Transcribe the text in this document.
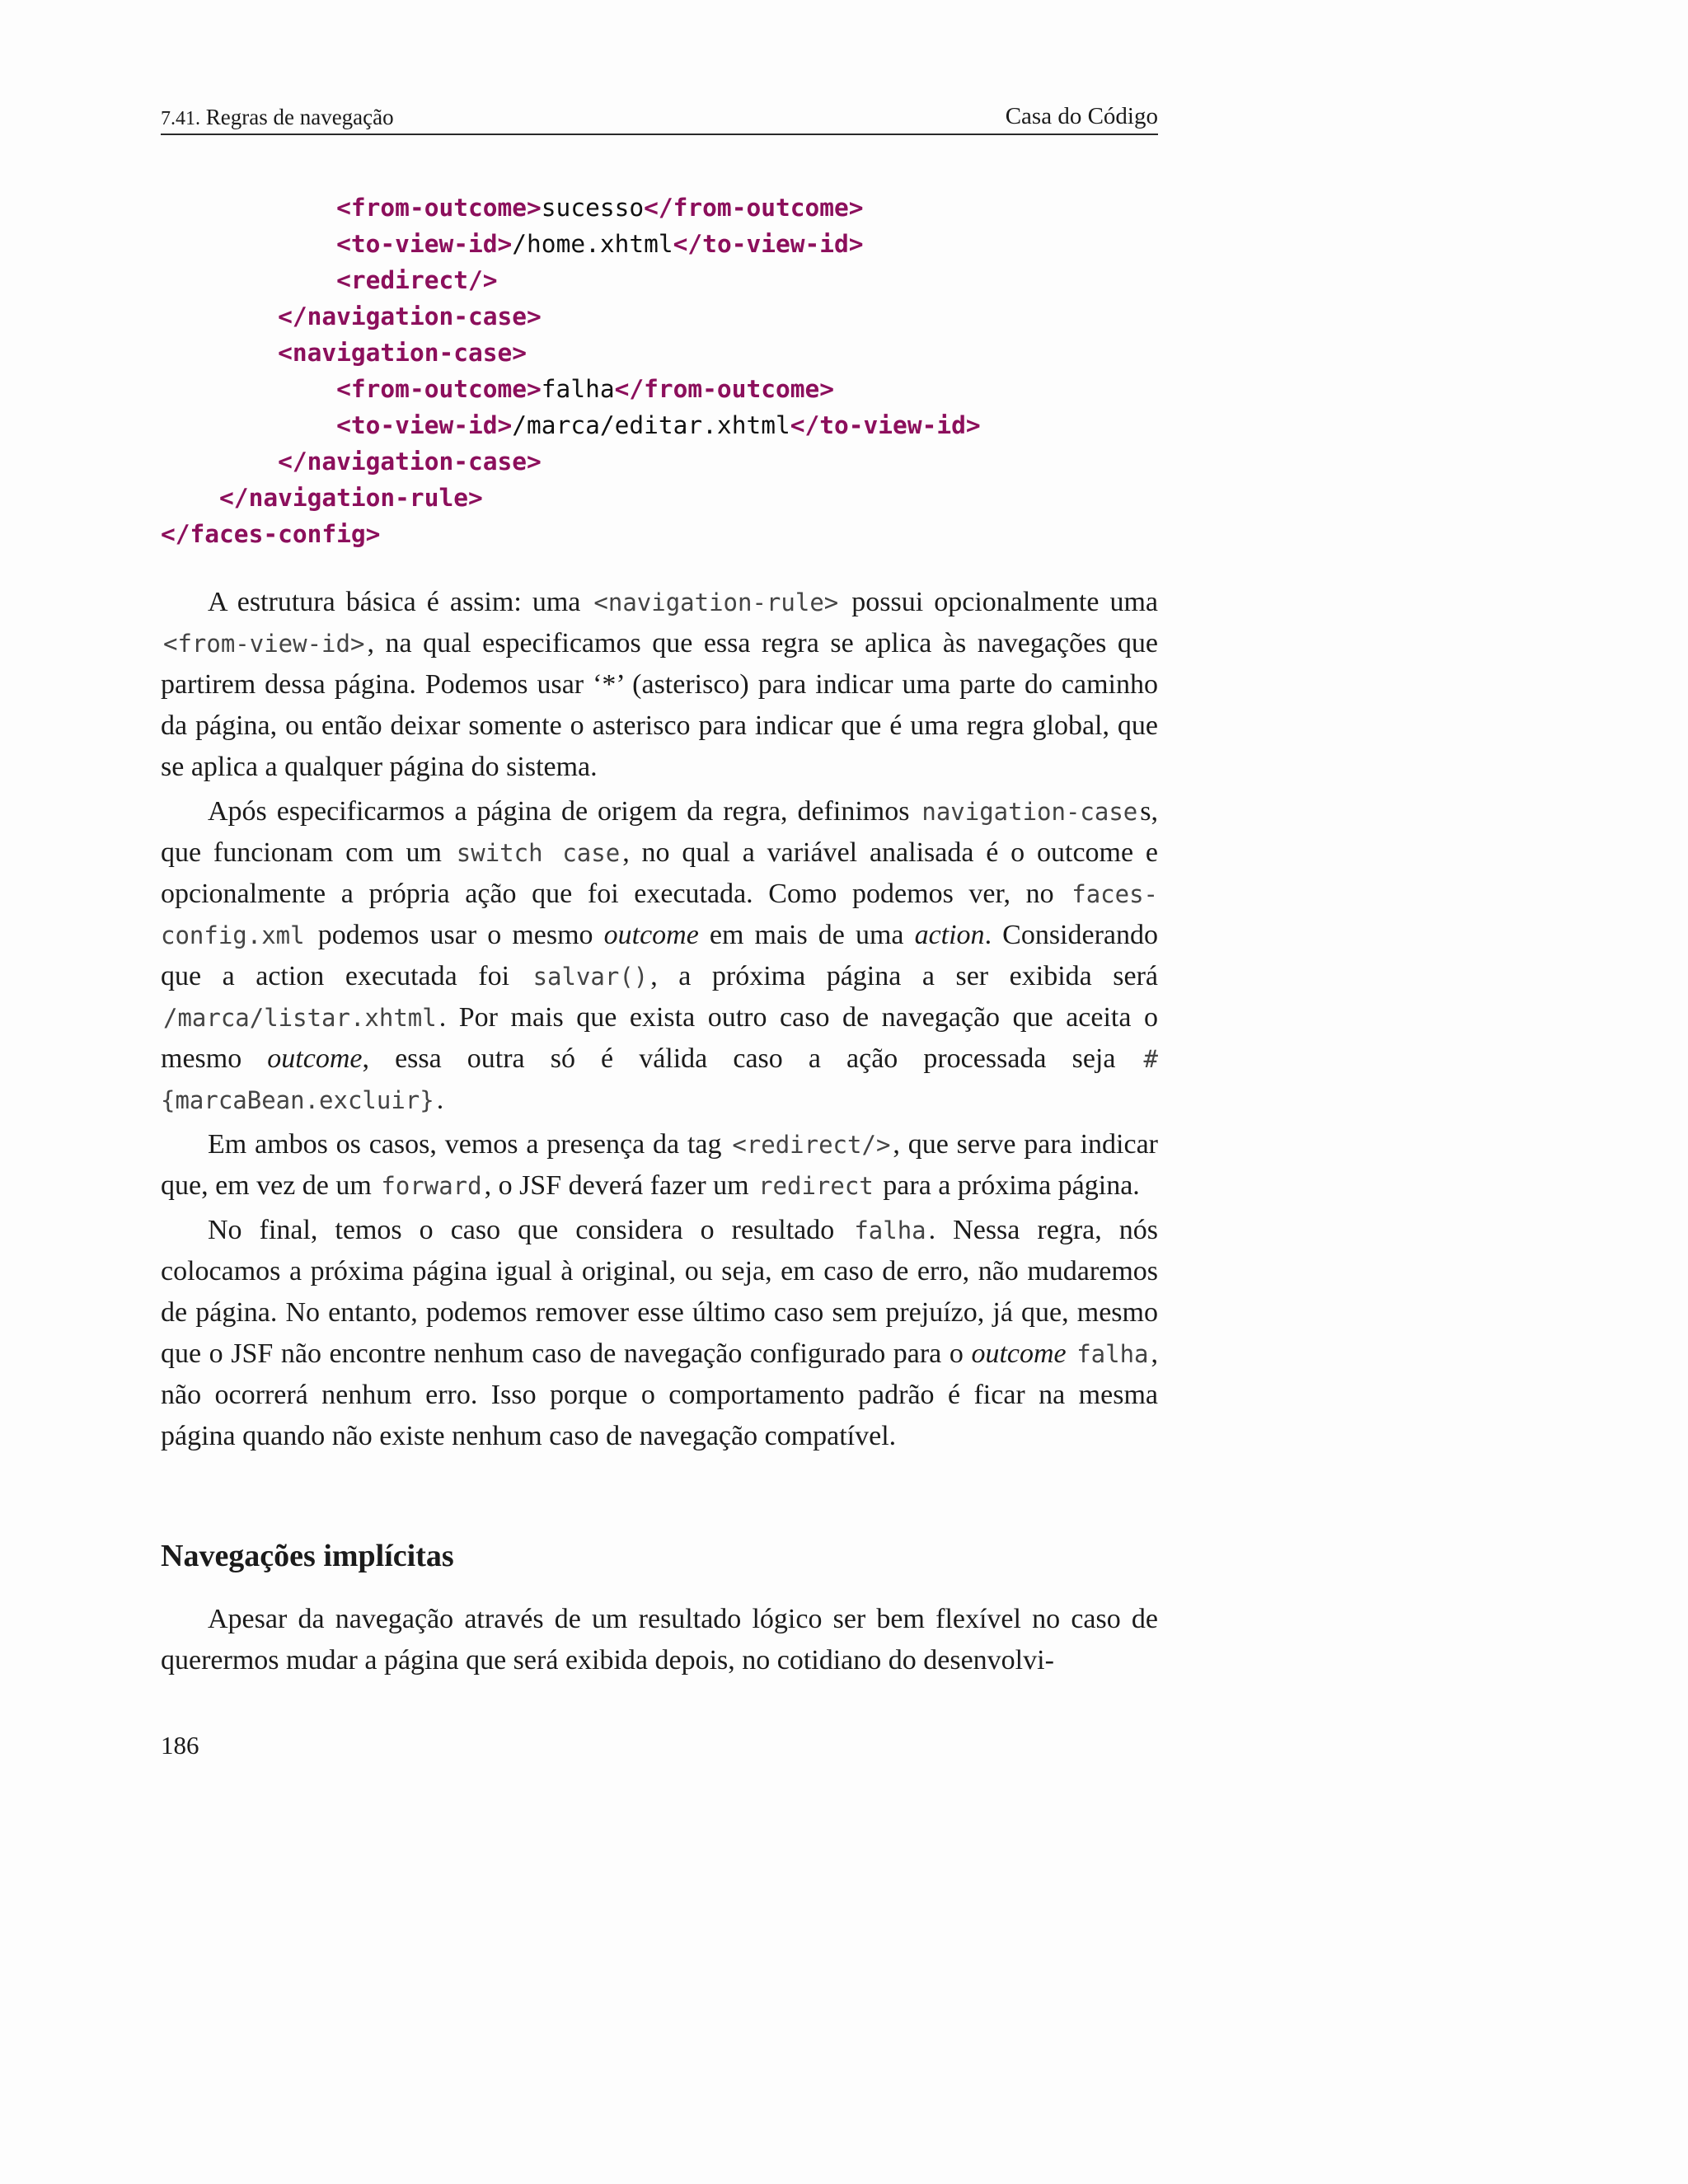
7.41. Regras de navegação	Casa do Código
<from-outcome>sucesso</from-outcome>
<to-view-id>/home.xhtml</to-view-id>
<redirect/>
</navigation-case>
<navigation-case>
<from-outcome>falha</from-outcome>
<to-view-id>/marca/editar.xhtml</to-view-id>
</navigation-case>
</navigation-rule>
</faces-config>

A estrutura básica é assim: uma <navigation-rule> possui opcionalmente uma <from-view-id>, na qual especificamos que essa regra se aplica às navegações que partirem dessa página. Podemos usar ‘*’ (asterisco) para indicar uma parte do caminho da página, ou então deixar somente o asterisco para indicar que é uma regra global, que se aplica a qualquer página do sistema.

Após especificarmos a página de origem da regra, definimos navigation-cases, que funcionam com um switch case, no qual a variável analisada é o outcome e opcionalmente a própria ação que foi executada. Como podemos ver, no faces-config.xml podemos usar o mesmo outcome em mais de uma action. Considerando que a action executada foi salvar(), a próxima página a ser exibida será /marca/listar.xhtml. Por mais que exista outro caso de navegação que aceita o mesmo outcome, essa outra só é válida caso a ação processada seja #{marcaBean.excluir}.

Em ambos os casos, vemos a presença da tag <redirect/>, que serve para indicar que, em vez de um forward, o JSF deverá fazer um redirect para a próxima página.

No final, temos o caso que considera o resultado falha. Nessa regra, nós colocamos a próxima página igual à original, ou seja, em caso de erro, não mudaremos de página. No entanto, podemos remover esse último caso sem prejuízo, já que, mesmo que o JSF não encontre nenhum caso de navegação configurado para o outcome falha, não ocorrerá nenhum erro. Isso porque o comportamento padrão é ficar na mesma página quando não existe nenhum caso de navegação compatível.

Navegações implícitas

Apesar da navegação através de um resultado lógico ser bem flexível no caso de querermos mudar a página que será exibida depois, no cotidiano do desenvolvi-

186
